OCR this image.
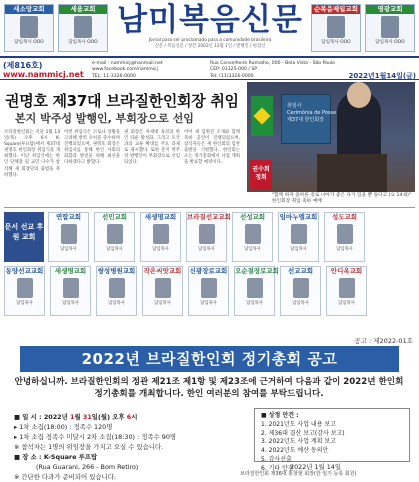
새소망교회
담임목사 OOO
세움교회
담임목사 OOO
남미복음신문
Jornal para ser proclamado para a comunidade brasileira
신문 / 복음신문 / 창간 2003년 12월 1일 / 발행인 / 편집인
순복음제일교회
담임목사 OOO
영광교회
담임목사 OOO
(제816호)
www.nammicj.net
e-mail : nammicj@hanmail.net
www.facebook.com/nammicj
TEL: 11-3326-0000
Rua Conselheiro Ramalho, 000 - Bela Vista - São Paulo
CEP: 01325-000 / SP
Tel: (11)3326-0000	2022년1월14일(금)
권명호 제37대 브라질한인회장 취임
본지 박주성 발행인, 부회장으로 선임
브라질한인회는 지난 1월 13일(목) 오후 6시 K-Square(루프탑)에서 제37대 권명호 한인회장 취임식을 개최했다. 이날 취임식에는 한인 단체장 및 교민 다수가 참석해 새 회장단의 출범을 축하했다.
이번 취임식은 코로나 상황을 고려해 방역 수칙을 준수하며 진행되었으며, 권명호 회장은 취임사를 통해 한인 사회의 화합과 발전을 위해 최선을 다하겠다고 밝혔다.
권 회장은 차세대 육성과 한인 타운 활성화, 그리고 모국과의 교류 확대를 주요 과제로 제시했다. 또한 본지 박주성 발행인이 부회장으로 선임되었다.
이어 새 임원진 소개와 함께 축하 공연이 진행되었으며, 참석자들은 새 한인회의 힘찬 출발을 기원했다. 한인회는 오는 정기총회에서 사업 계획을 발표할 예정이다.
취임사
Cerimônia de Posse
제37대 한인회장
권수회 정회
"함께 하자 올바른 길로 나아가 좋은 다가 있을 뿐 돌다고 (요 14:6)" 한인회장 취임 축하 예배
문서 선교 후원 교회
연합교회
담임목사
선민교회
담임목사
새생명교회
담임목사
브라질선교교회
담임목사
선성교회
담임목사
임마누엘교회
담임목사
성도교회
담임목사
동양선교교회
담임목사
새생명교회
담임목사
쌍성병원교회
담임목사
작은씨앗교회
담임목사
신광장로교회
담임목사
오순절장로교회
담임목사
선교교회
담임목사
안디옥교회
담임목사
공고 : 제2022-01호
2022년 브라질한인회 정기총회 공고
안녕하십니까. 브라질한인회의 정관 제21조 제1항 및 제23조에 근거하여 다음과 같이 2022년 한인회 정기총회를 개최합니다. 한인 여러분의 참여를 부탁드립니다.
■ 일 시 : 2022년 1월 31일(월) 오후 6시
▸ 1차 소집(18:00) : 정족수 120명
▸ 1차 소집 정족수 미달시 2차 소집(18:30) : 정족수 90명
※ 참석자는 1명의 위임장을 가지고 오실 수 있습니다.
■ 장 소 : K-Square 루프탑
(Rua Guarani, 266 - Bom Retiro)
※ 간단한 다과가 준비되어 있습니다.
■ 상정 안건 :
1. 2021년도 사업 내용 보고
2. 제36대 결산 보고(감사 보고)
3. 2022년도 사업 계획 보고
4. 2022년도 예산 동의안
5. 감사선출
6. 기타 안건
2022년 1월 14일
브라질한인회 제36대 홍창현 회장(한 임기 등록 회원)
